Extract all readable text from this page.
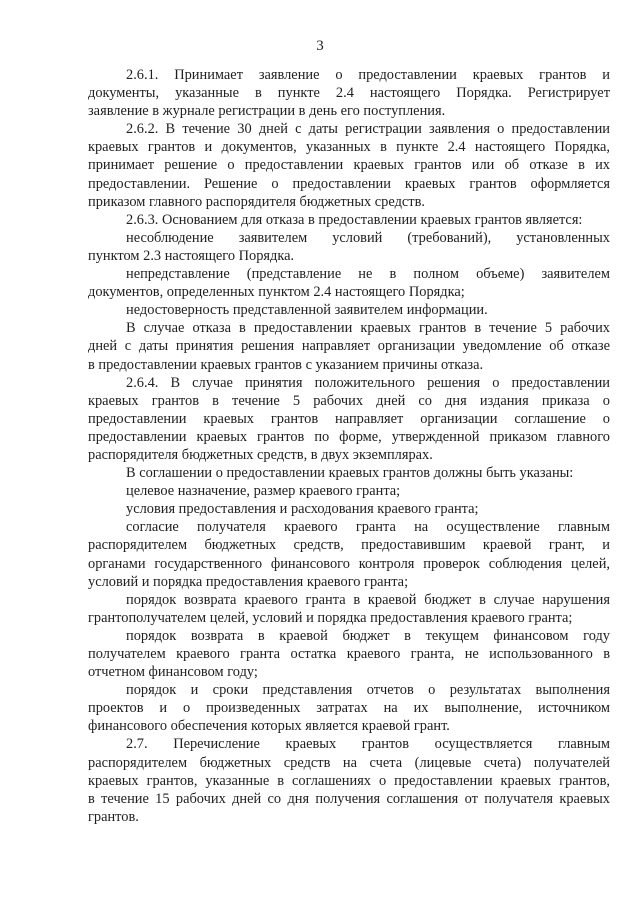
3
2.6.1. Принимает заявление о предоставлении краевых грантов и
документы, указанные в пункте 2.4 настоящего Порядка. Регистрирует
заявление в журнале регистрации в день его поступления.
2.6.2. В течение 30 дней с даты регистрации заявления о предоставлении
краевых грантов и документов, указанных в пункте 2.4 настоящего Порядка,
принимает решение о предоставлении краевых грантов или об отказе в их
предоставлении. Решение о предоставлении краевых грантов оформляется
приказом главного распорядителя бюджетных средств.
2.6.3. Основанием для отказа в предоставлении краевых грантов является:
несоблюдение заявителем условий (требований), установленных
пунктом 2.3 настоящего Порядка.
непредставление (представление не в полном объеме) заявителем
документов, определенных пунктом 2.4 настоящего Порядка;
недостоверность представленной заявителем информации.
В случае отказа в предоставлении краевых грантов в течение 5 рабочих
дней с даты принятия решения направляет организации уведомление об отказе
в предоставлении краевых грантов с указанием причины отказа.
2.6.4. В случае принятия положительного решения о предоставлении
краевых грантов в течение 5 рабочих дней со дня издания приказа о
предоставлении краевых грантов направляет организации соглашение о
предоставлении краевых грантов по форме, утвержденной приказом главного
распорядителя бюджетных средств, в двух экземплярах.
В соглашении о предоставлении краевых грантов должны быть указаны:
целевое назначение, размер краевого гранта;
условия предоставления и расходования краевого гранта;
согласие получателя краевого гранта на осуществление главным
распорядителем бюджетных средств, предоставившим краевой грант, и
органами государственного финансового контроля проверок соблюдения целей,
условий и порядка предоставления краевого гранта;
порядок возврата краевого гранта в краевой бюджет в случае нарушения
грантополучателем целей, условий и порядка предоставления краевого гранта;
порядок возврата в краевой бюджет в текущем финансовом году
получателем краевого гранта остатка краевого гранта, не использованного в
отчетном финансовом году;
порядок и сроки представления отчетов о результатах выполнения
проектов и о произведенных затратах на их выполнение, источником
финансового обеспечения которых является краевой грант.
2.7. Перечисление краевых грантов осуществляется главным
распорядителем бюджетных средств на счета (лицевые счета) получателей
краевых грантов, указанные в соглашениях о предоставлении краевых грантов,
в течение 15 рабочих дней со дня получения соглашения от получателя краевых
грантов.
